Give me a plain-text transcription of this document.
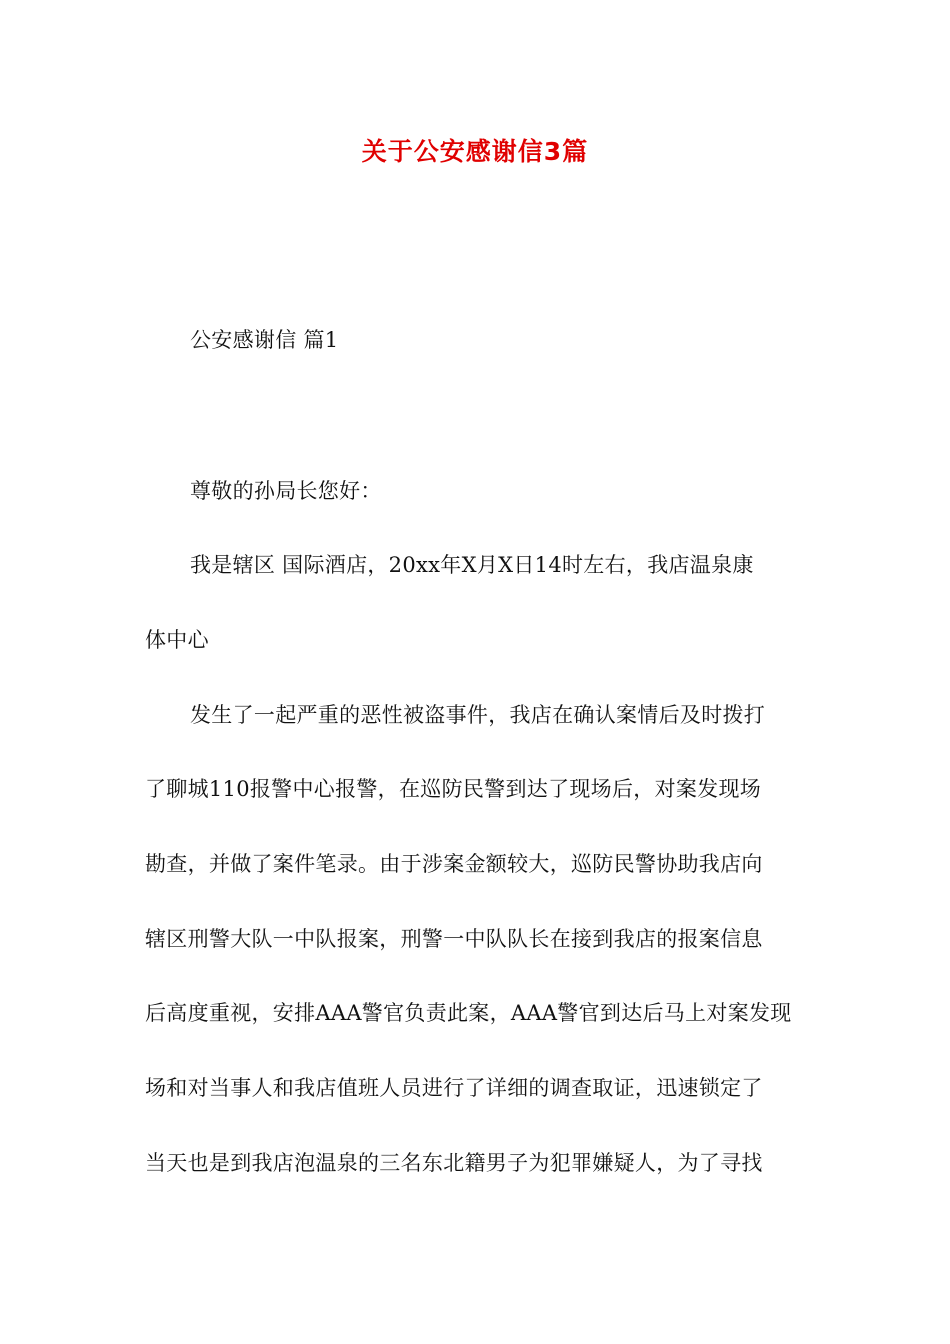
关于公安感谢信3篇
公安感谢信 篇1
尊敬的孙局长您好：
我是辖区 国际酒店，20xx年X月X日14时左右，我店温泉康
体中心
发生了一起严重的恶性被盗事件，我店在确认案情后及时拨打
了聊城110报警中心报警，在巡防民警到达了现场后，对案发现场
勘查，并做了案件笔录。由于涉案金额较大，巡防民警协助我店向
辖区刑警大队一中队报案，刑警一中队队长在接到我店的报案信息
后高度重视，安排AAA警官负责此案，AAA警官到达后马上对案发现
场和对当事人和我店值班人员进行了详细的调查取证，迅速锁定了
当天也是到我店泡温泉的三名东北籍男子为犯罪嫌疑人，为了寻找
